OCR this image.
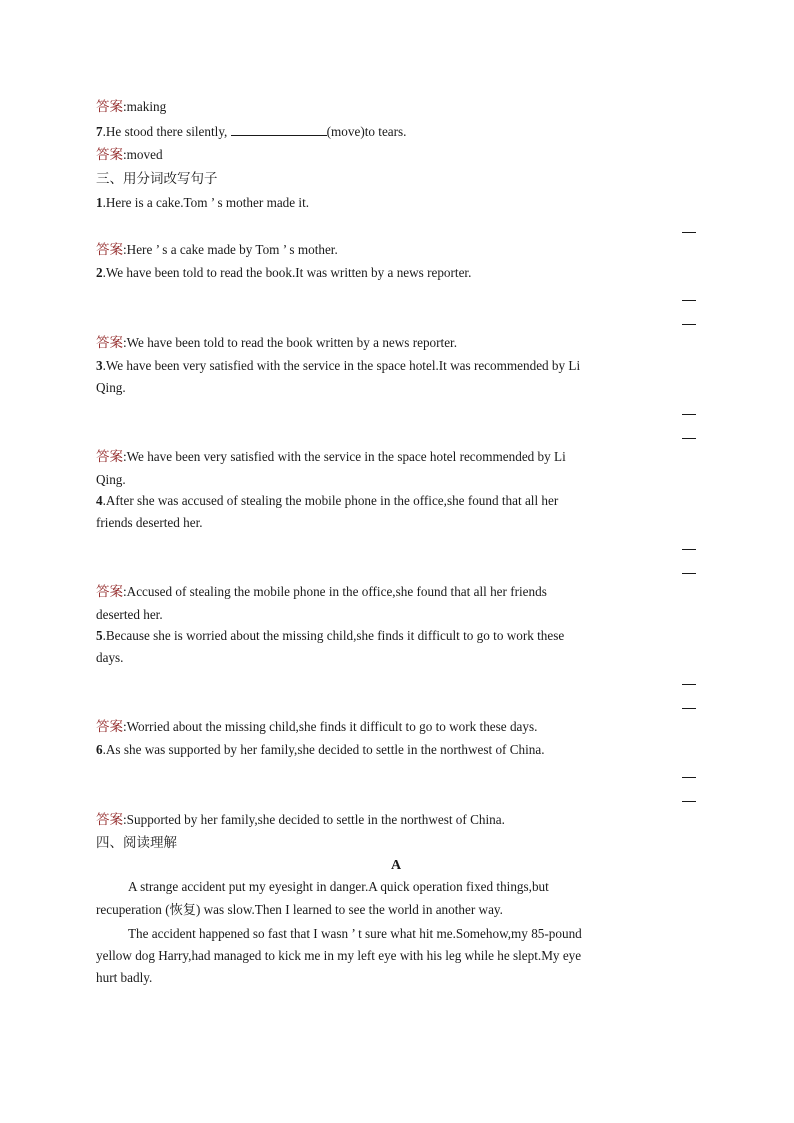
答案:making
7.He stood there silently,	(move)to tears.
答案:moved
三、用分词改写句子
1.Here is a cake.Tom ’ s mother made it.
答案:Here ’ s a cake made by Tom ’ s mother.
2.We have been told to read the book.It was written by a news reporter.
答案:We have been told to read the book written by a news reporter.
3.We have been very satisfied with the service in the space hotel.It was recommended by Li
Qing.
答案:We have been very satisfied with the service in the space hotel recommended by Li
Qing.
4.After she was accused of stealing the mobile phone in the office,she found that all her
friends deserted her.
答案:Accused of stealing the mobile phone in the office,she found that all her friends
deserted her.
5.Because she is worried about the missing child,she finds it difficult to go to work these
days.
答案:Worried about the missing child,she finds it difficult to go to work these days.
6.As she was supported by her family,she decided to settle in the northwest of China.
答案:Supported by her family,she decided to settle in the northwest of China.
四、阅读理解
A
A strange accident put my eyesight in danger.A quick operation fixed things,but
recuperation (恢复) was slow.Then I learned to see the world in another way.
The accident happened so fast that I wasn ’ t sure what hit me.Somehow,my 85-pound
yellow dog Harry,had managed to kick me in my left eye with his leg while he slept.My eye
hurt badly.
